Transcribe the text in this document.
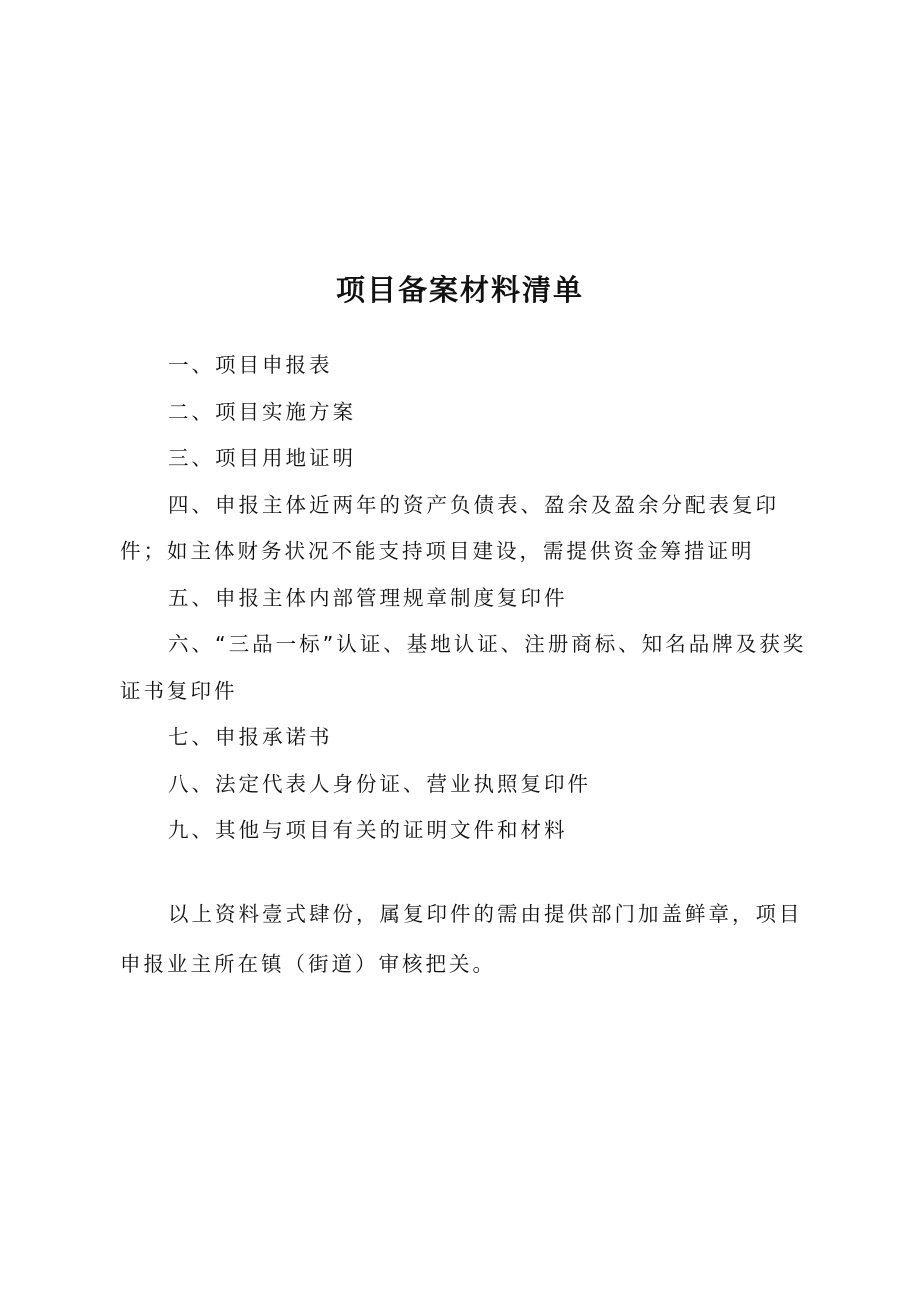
项目备案材料清单

一、项目申报表

二、项目实施方案

三、项目用地证明

四、申报主体近两年的资产负债表、盈余及盈余分配表复印件；如主体财务状况不能支持项目建设，需提供资金筹措证明

五、申报主体内部管理规章制度复印件

六、“三品一标”认证、基地认证、注册商标、知名品牌及获奖证书复印件

七、申报承诺书

八、法定代表人身份证、营业执照复印件

九、其他与项目有关的证明文件和材料

以上资料壹式肆份，属复印件的需由提供部门加盖鲜章，项目申报业主所在镇（街道）审核把关。
